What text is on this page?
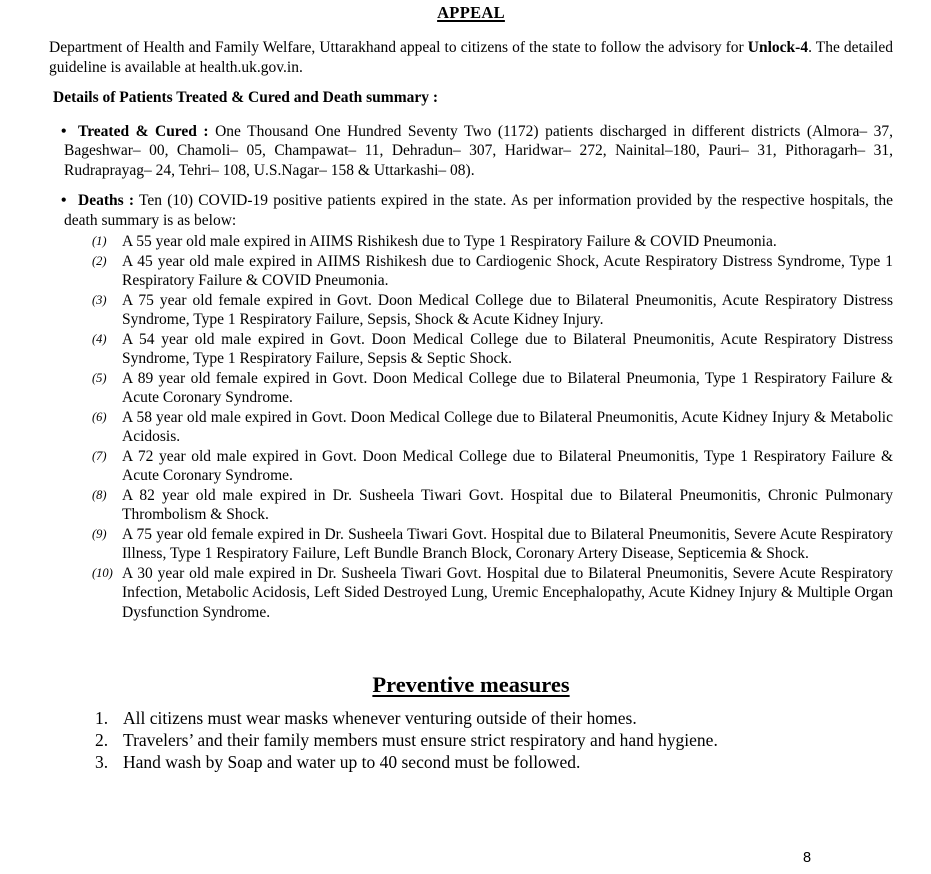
APPEAL

Department of Health and Family Welfare, Uttarakhand appeal to citizens of the state to follow the advisory for Unlock-4. The detailed guideline is available at health.uk.gov.in.

Details of Patients Treated & Cured and Death summary :
• Treated & Cured : One Thousand One Hundred Seventy Two (1172) patients discharged in different districts (Almora– 37, Bageshwar– 00, Chamoli– 05, Champawat– 11, Dehradun– 307, Haridwar– 272, Nainital–180, Pauri– 31, Pithoragarh– 31, Rudraprayag– 24, Tehri– 108, U.S.Nagar– 158 & Uttarkashi– 08).
• Deaths : Ten (10) COVID-19 positive patients expired in the state. As per information provided by the respective hospitals, the death summary is as below:
(1) A 55 year old male expired in AIIMS Rishikesh due to Type 1 Respiratory Failure & COVID Pneumonia.
(2) A 45 year old male expired in AIIMS Rishikesh due to Cardiogenic Shock, Acute Respiratory Distress Syndrome, Type 1 Respiratory Failure & COVID Pneumonia.
(3) A 75 year old female expired in Govt. Doon Medical College due to Bilateral Pneumonitis, Acute Respiratory Distress Syndrome, Type 1 Respiratory Failure, Sepsis, Shock & Acute Kidney Injury.
(4) A 54 year old male expired in Govt. Doon Medical College due to Bilateral Pneumonitis, Acute Respiratory Distress Syndrome, Type 1 Respiratory Failure, Sepsis & Septic Shock.
(5) A 89 year old female expired in Govt. Doon Medical College due to Bilateral Pneumonia, Type 1 Respiratory Failure & Acute Coronary Syndrome.
(6) A 58 year old male expired in Govt. Doon Medical College due to Bilateral Pneumonitis, Acute Kidney Injury & Metabolic Acidosis.
(7) A 72 year old male expired in Govt. Doon Medical College due to Bilateral Pneumonitis, Type 1 Respiratory Failure & Acute Coronary Syndrome.
(8) A 82 year old male expired in Dr. Susheela Tiwari Govt. Hospital due to Bilateral Pneumonitis, Chronic Pulmonary Thrombolism & Shock.
(9) A 75 year old female expired in Dr. Susheela Tiwari Govt. Hospital due to Bilateral Pneumonitis, Severe Acute Respiratory Illness, Type 1 Respiratory Failure, Left Bundle Branch Block, Coronary Artery Disease, Septicemia & Shock.
(10) A 30 year old male expired in Dr. Susheela Tiwari Govt. Hospital due to Bilateral Pneumonitis, Severe Acute Respiratory Infection, Metabolic Acidosis, Left Sided Destroyed Lung, Uremic Encephalopathy, Acute Kidney Injury & Multiple Organ Dysfunction Syndrome.
Preventive measures
1. All citizens must wear masks whenever venturing outside of their homes.
2. Travelers’ and their family members must ensure strict respiratory and hand hygiene.
3. Hand wash by Soap and water up to 40 second must be followed.
8
